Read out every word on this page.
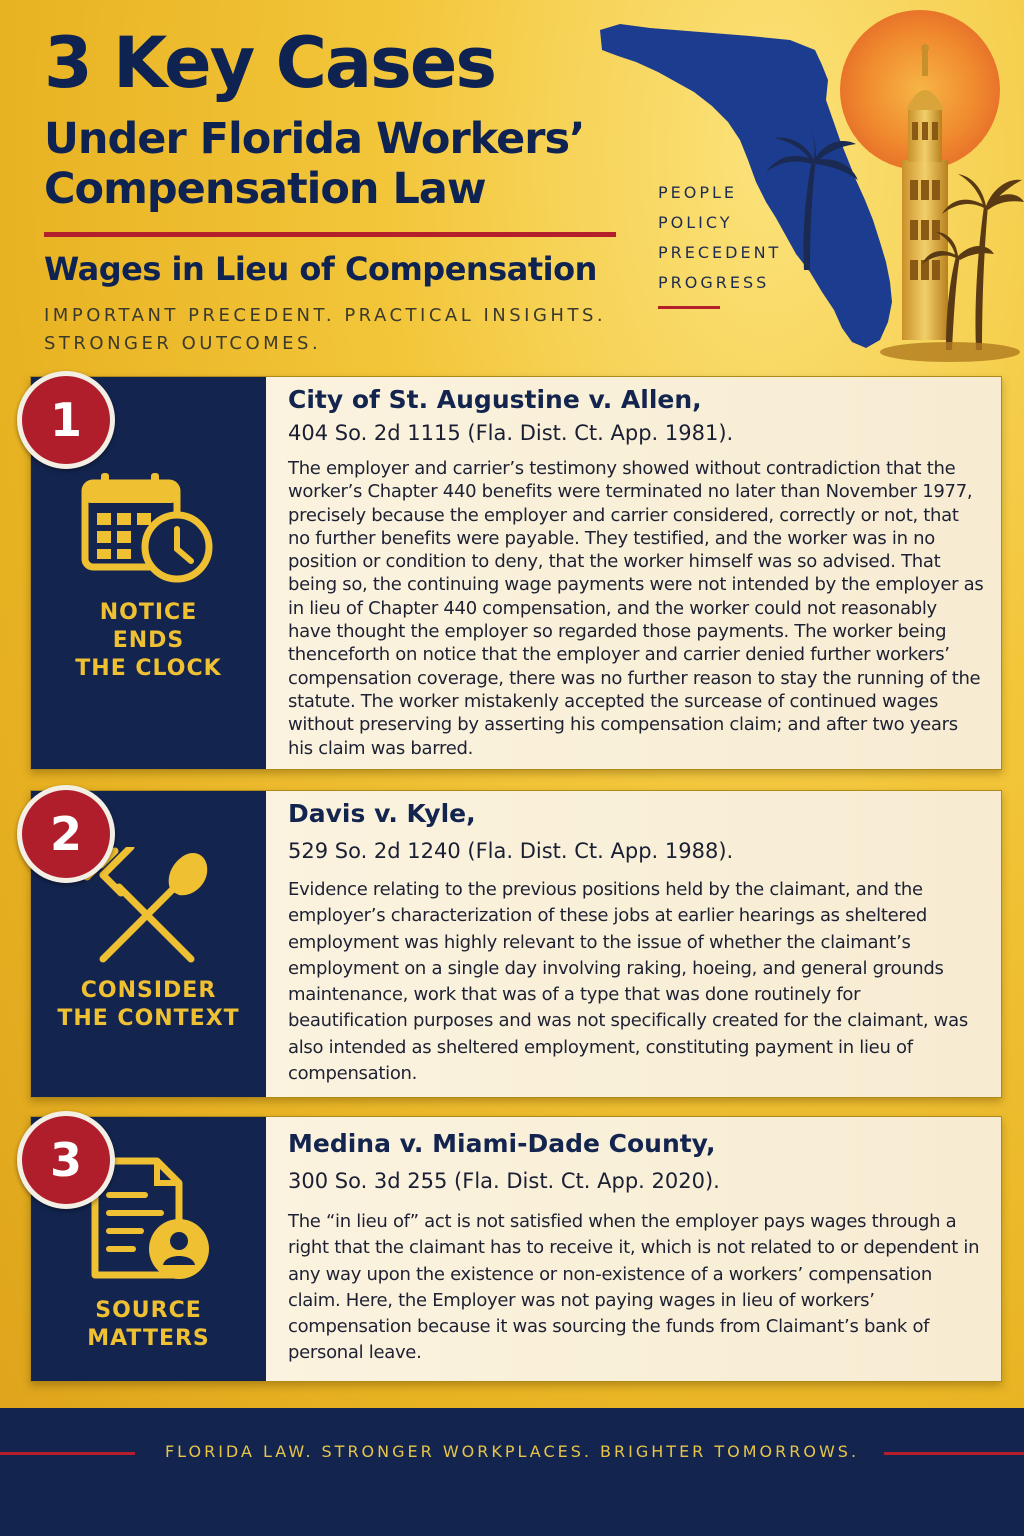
3 Key Cases
Under Florida Workers’
Compensation Law
Wages in Lieu of Compensation
IMPORTANT PRECEDENT. PRACTICAL INSIGHTS.
STRONGER OUTCOMES.
PEOPLE
POLICY
PRECEDENT
PROGRESS
1
NOTICE
ENDS
THE CLOCK
City of St. Augustine v. Allen,
404 So. 2d 1115 (Fla. Dist. Ct. App. 1981).

The employer and carrier’s testimony showed without contradiction that the worker’s Chapter 440 benefits were terminated no later than November 1977, precisely because the employer and carrier considered, correctly or not, that no further benefits were payable. They testified, and the worker was in no position or condition to deny, that the worker himself was so advised. That being so, the continuing wage payments were not intended by the employer as in lieu of Chapter 440 compensation, and the worker could not reasonably have thought the employer so regarded those payments. The worker being thenceforth on notice that the employer and carrier denied further workers’ compensation coverage, there was no further reason to stay the running of the statute. The worker mistakenly accepted the surcease of continued wages without preserving by asserting his compensation claim; and after two years his claim was barred.

2
CONSIDER
THE CONTEXT
Davis v. Kyle,
529 So. 2d 1240 (Fla. Dist. Ct. App. 1988).

Evidence relating to the previous positions held by the claimant, and the employer’s characterization of these jobs at earlier hearings as sheltered employment was highly relevant to the issue of whether the claimant’s employment on a single day involving raking, hoeing, and general grounds maintenance, work that was of a type that was done routinely for beautification purposes and was not specifically created for the claimant, was also intended as sheltered employment, constituting payment in lieu of compensation.

3
SOURCE
MATTERS
Medina v. Miami-Dade County,
300 So. 3d 255 (Fla. Dist. Ct. App. 2020).

The “in lieu of” act is not satisfied when the employer pays wages through a right that the claimant has to receive it, which is not related to or dependent in any way upon the existence or non-existence of a workers’ compensation claim. Here, the Employer was not paying wages in lieu of workers’ compensation because it was sourcing the funds from Claimant’s bank of personal leave.

FLORIDA LAW. STRONGER WORKPLACES. BRIGHTER TOMORROWS.
